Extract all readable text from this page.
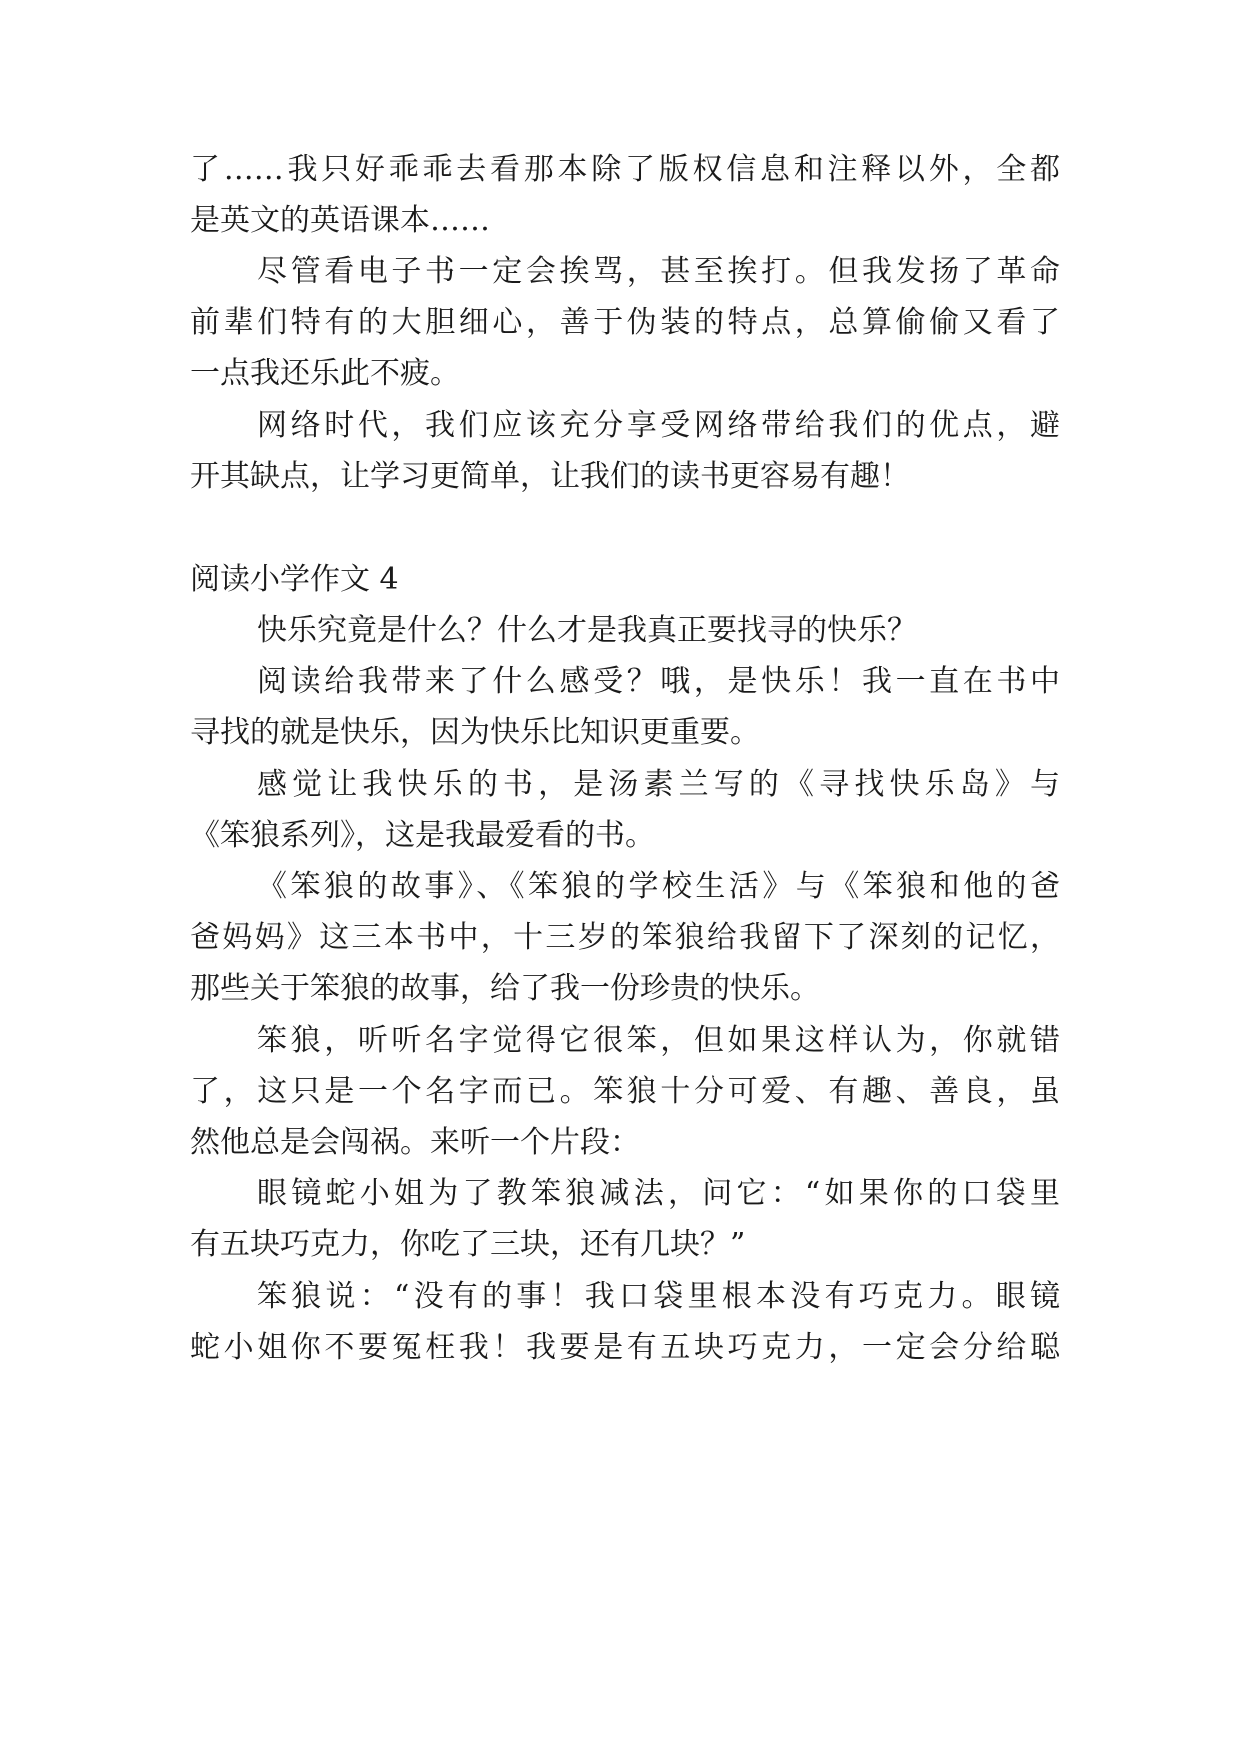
了……我只好乖乖去看那本除了版权信息和注释以外，全都
是英文的英语课本……
尽管看电子书一定会挨骂，甚至挨打。但我发扬了革命
前辈们特有的大胆细心，善于伪装的特点，总算偷偷又看了
一点我还乐此不疲。
网络时代，我们应该充分享受网络带给我们的优点，避
开其缺点，让学习更简单，让我们的读书更容易有趣！
阅读小学作文 4
快乐究竟是什么？什么才是我真正要找寻的快乐？
阅读给我带来了什么感受？哦，是快乐！我一直在书中
寻找的就是快乐，因为快乐比知识更重要。
感觉让我快乐的书，是汤素兰写的《寻找快乐岛》与
《笨狼系列》，这是我最爱看的书。
《笨狼的故事》、《笨狼的学校生活》与《笨狼和他的爸
爸妈妈》这三本书中，十三岁的笨狼给我留下了深刻的记忆，
那些关于笨狼的故事，给了我一份珍贵的快乐。
笨狼，听听名字觉得它很笨，但如果这样认为，你就错
了，这只是一个名字而已。笨狼十分可爱、有趣、善良，虽
然他总是会闯祸。来听一个片段：
眼镜蛇小姐为了教笨狼减法，问它：“如果你的口袋里
有五块巧克力，你吃了三块，还有几块？”
笨狼说：“没有的事！我口袋里根本没有巧克力。眼镜
蛇小姐你不要冤枉我！我要是有五块巧克力，一定会分给聪
